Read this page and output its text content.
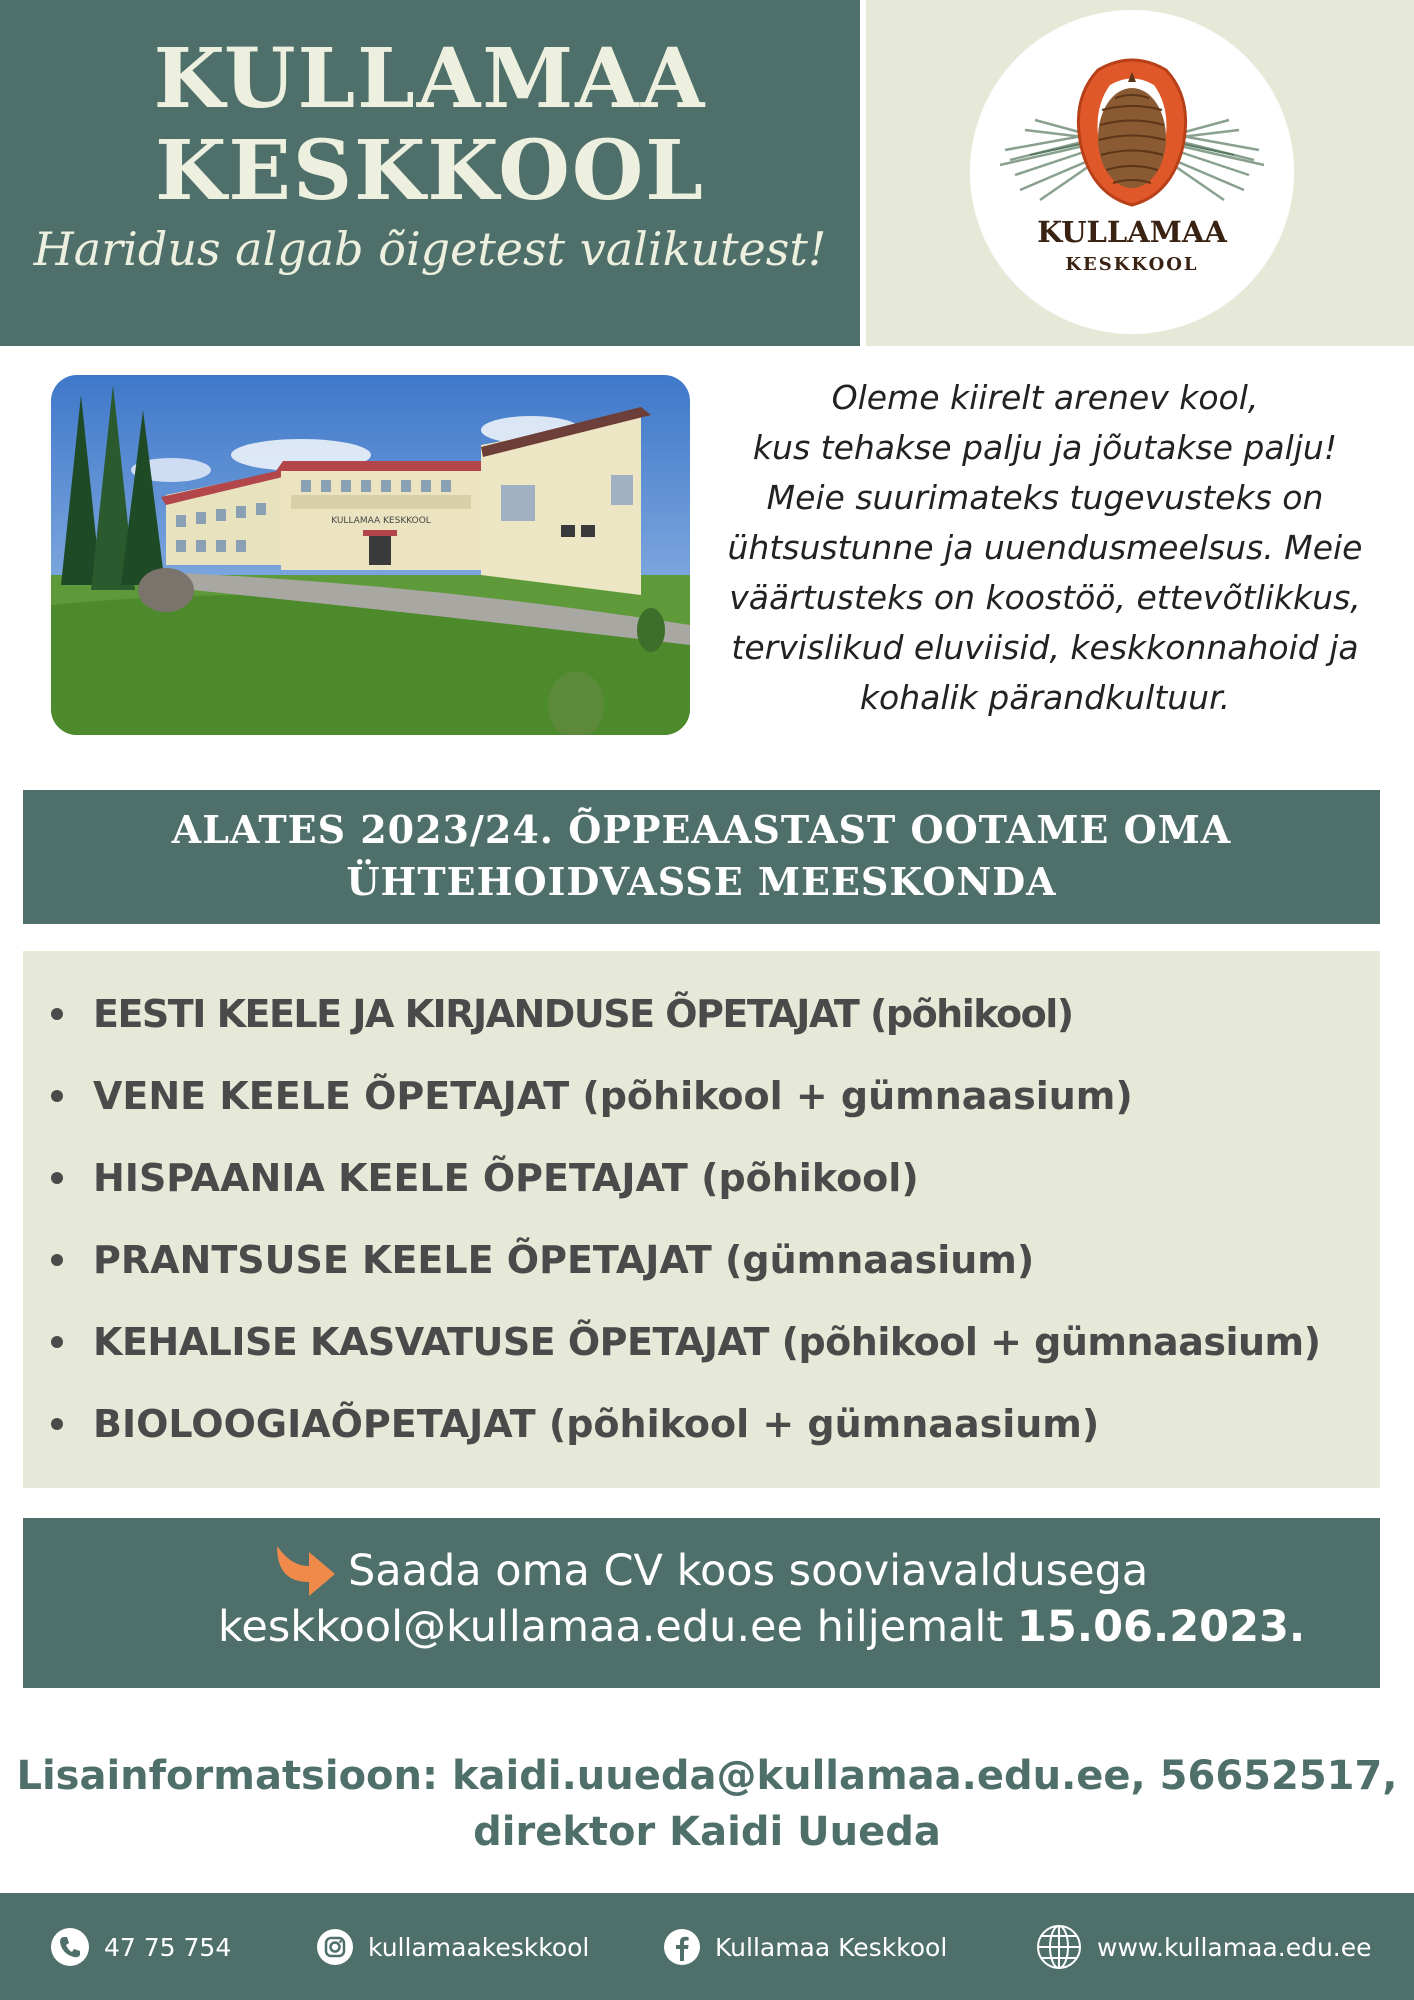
KULLAMAA
KESKKOOL
Haridus algab õigetest valikutest!	KULLAMAA
KESKKOOL
KULLAMAA KESKKOOL
Oleme kiirelt arenev kool,
kus tehakse palju ja jõutakse palju!
Meie suurimateks tugevusteks on
ühtsustunne ja uuendusmeelsus. Meie
väärtusteks on koostöö, ettevõtlikkus,
tervislikud eluviisid, keskkonnahoid ja
kohalik pärandkultuur.
ALATES 2023/24. ÕPPEAASTAST OOTAME OMA
ÜHTEHOIDVASSE MEESKONDA
EESTI KEELE JA KIRJANDUSE ÕPETAJAT (põhikool)
VENE KEELE ÕPETAJAT (põhikool + gümnaasium)
HISPAANIA KEELE ÕPETAJAT (põhikool)
PRANTSUSE KEELE ÕPETAJAT (gümnaasium)
KEHALISE KASVATUSE ÕPETAJAT (põhikool + gümnaasium)
BIOLOOGIAÕPETAJAT (põhikool + gümnaasium)
Saada oma CV koos sooviavaldusega
keskkool@kullamaa.edu.ee hiljemalt 15.06.2023.
Lisainformatsioon: kaidi.uueda@kullamaa.edu.ee, 56652517,
direktor Kaidi Uueda
47 75 754	kullamaakeskkool	Kullamaa Keskkool	www.kullamaa.edu.ee
